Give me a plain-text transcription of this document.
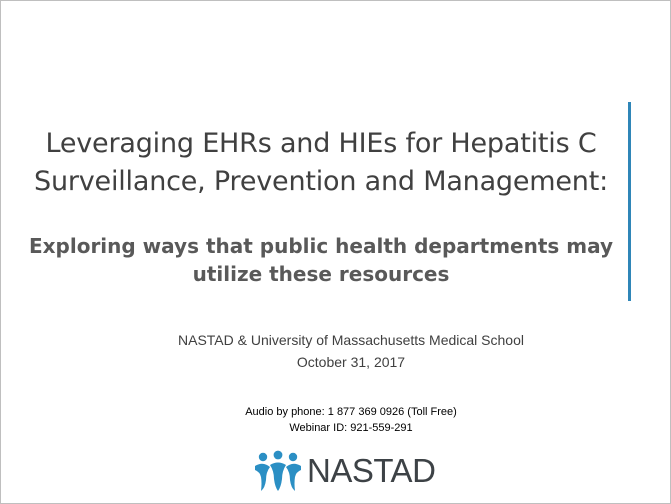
Leveraging EHRs and HIEs for Hepatitis C
Surveillance, Prevention and Management:
Exploring ways that public health departments may
utilize these resources
NASTAD & University of Massachusetts Medical School
October 31, 2017
Audio by phone: 1 877 369 0926 (Toll Free)
Webinar ID: 921-559-291
NASTAD
